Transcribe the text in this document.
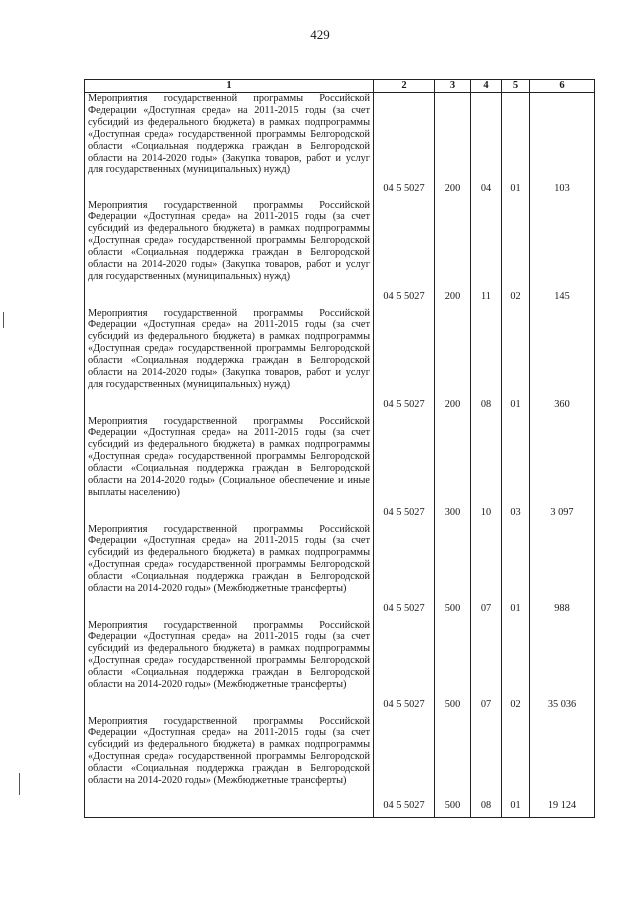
429
1	2	3	4	5	6
Мероприятия государственной программы Российской Федерации «Доступная среда» на 2011-2015 годы (за счет субсидий из федерального бюджета) в рамках подпрограммы «Доступная среда» государственной программы Белгородской области «Социальная поддержка граждан в Белгородской области на 2014-2020 годы» (Закупка товаров, работ и услуг для государственных (муниципальных) нужд)	04 5 5027	200	04	01	103
Мероприятия государственной программы Российской Федерации «Доступная среда» на 2011-2015 годы (за счет субсидий из федерального бюджета) в рамках подпрограммы «Доступная среда» государственной программы Белгородской области «Социальная поддержка граждан в Белгородской области на 2014-2020 годы» (Закупка товаров, работ и услуг для государственных (муниципальных) нужд)	04 5 5027	200	11	02	145
Мероприятия государственной программы Российской Федерации «Доступная среда» на 2011-2015 годы (за счет субсидий из федерального бюджета) в рамках подпрограммы «Доступная среда» государственной программы Белгородской области «Социальная поддержка граждан в Белгородской области на 2014-2020 годы» (Закупка товаров, работ и услуг для государственных (муниципальных) нужд)	04 5 5027	200	08	01	360
Мероприятия государственной программы Российской Федерации «Доступная среда» на 2011-2015 годы (за счет субсидий из федерального бюджета) в рамках подпрограммы «Доступная среда» государственной программы Белгородской области «Социальная поддержка граждан в Белгородской области на 2014-2020 годы» (Социальное обеспечение и иные выплаты населению)	04 5 5027	300	10	03	3 097
Мероприятия государственной программы Российской Федерации «Доступная среда» на 2011-2015 годы (за счет субсидий из федерального бюджета) в рамках подпрограммы «Доступная среда» государственной программы Белгородской области «Социальная поддержка граждан в Белгородской области на 2014-2020 годы» (Межбюджетные трансферты)	04 5 5027	500	07	01	988
Мероприятия государственной программы Российской Федерации «Доступная среда» на 2011-2015 годы (за счет субсидий из федерального бюджета) в рамках подпрограммы «Доступная среда» государственной программы Белгородской области «Социальная поддержка граждан в Белгородской области на 2014-2020 годы» (Межбюджетные трансферты)	04 5 5027	500	07	02	35 036
Мероприятия государственной программы Российской Федерации «Доступная среда» на 2011-2015 годы (за счет субсидий из федерального бюджета) в рамках подпрограммы «Доступная среда» государственной программы Белгородской области «Социальная поддержка граждан в Белгородской области на 2014-2020 годы» (Межбюджетные трансферты)	04 5 5027	500	08	01	19 124
